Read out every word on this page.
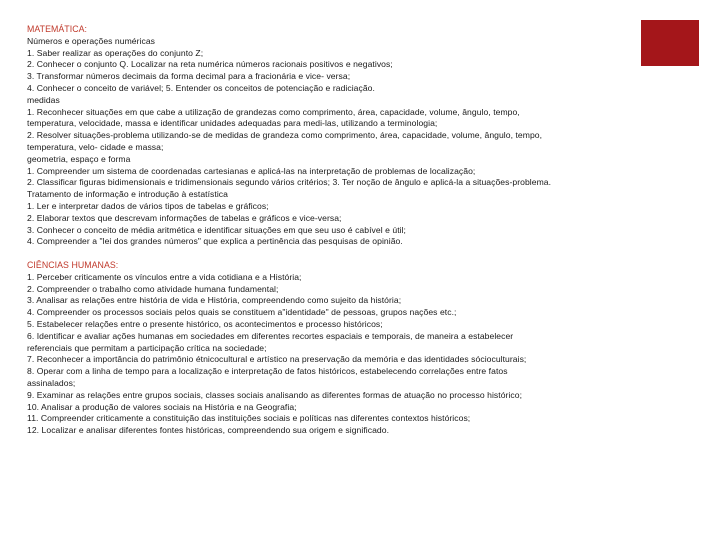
MATEMÁTICA:
Números e operações numéricas
1. Saber realizar as operações do conjunto Z;
2. Conhecer o conjunto Q. Localizar na reta numérica números racionais positivos e negativos;
3. Transformar números decimais da forma decimal para a fracionária e vice- versa;
4. Conhecer o conceito de variável; 5. Entender os conceitos de potenciação e radiciação.
medidas
1. Reconhecer situações em que cabe a utilização de grandezas como comprimento, área, capacidade, volume, ângulo, tempo,
temperatura, velocidade, massa e identificar unidades adequadas para medi-las, utilizando a terminologia;
2. Resolver situações-problema utilizando-se de medidas de grandeza como comprimento, área, capacidade, volume, ângulo, tempo,
temperatura, velo- cidade e massa;
geometria, espaço e forma
1. Compreender um sistema de coordenadas cartesianas e aplicá-las na interpretação de problemas de localização;
2. Classificar figuras bidimensionais e tridimensionais segundo vários critérios; 3. Ter noção de ângulo e aplicá-la a situações-problema.
Tratamento de informação e introdução à estatística
1. Ler e interpretar dados de vários tipos de tabelas e gráficos;
2. Elaborar textos que descrevam informações de tabelas e gráficos e vice-versa;
3. Conhecer o conceito de média aritmética e identificar situações em que seu uso é cabível e útil;
4. Compreender a "lei dos grandes números" que explica a pertinência das pesquisas de opinião.
CIÊNCIAS HUMANAS:
1. Perceber criticamente os vínculos entre a vida cotidiana e a História;
2. Compreender o trabalho como atividade humana fundamental;
3. Analisar as relações entre história de vida e História, compreendendo como sujeito da história;
4. Compreender os processos sociais pelos quais se constituem a"identidade" de pessoas, grupos nações etc.;
5. Estabelecer relações entre o presente histórico, os acontecimentos e processo históricos;
6. Identificar e avaliar ações humanas em sociedades em diferentes recortes espaciais e temporais, de maneira a estabelecer
referenciais que permitam a participação crítica na sociedade;
7. Reconhecer a importância do patrimônio étnicocultural e artístico na preservação da memória e das identidades sócioculturais;
8. Operar com a linha de tempo para a localização e interpretação de fatos históricos, estabelecendo correlações entre fatos
assinalados;
9. Examinar as relações entre grupos sociais, classes sociais analisando as diferentes formas de atuação no processo histórico;
10. Analisar a produção de valores sociais na História e na Geografia;
11. Compreender criticamente a constituição das instituições sociais e políticas nas diferentes contextos históricos;
12. Localizar e analisar diferentes fontes históricas, compreendendo sua origem e significado.
